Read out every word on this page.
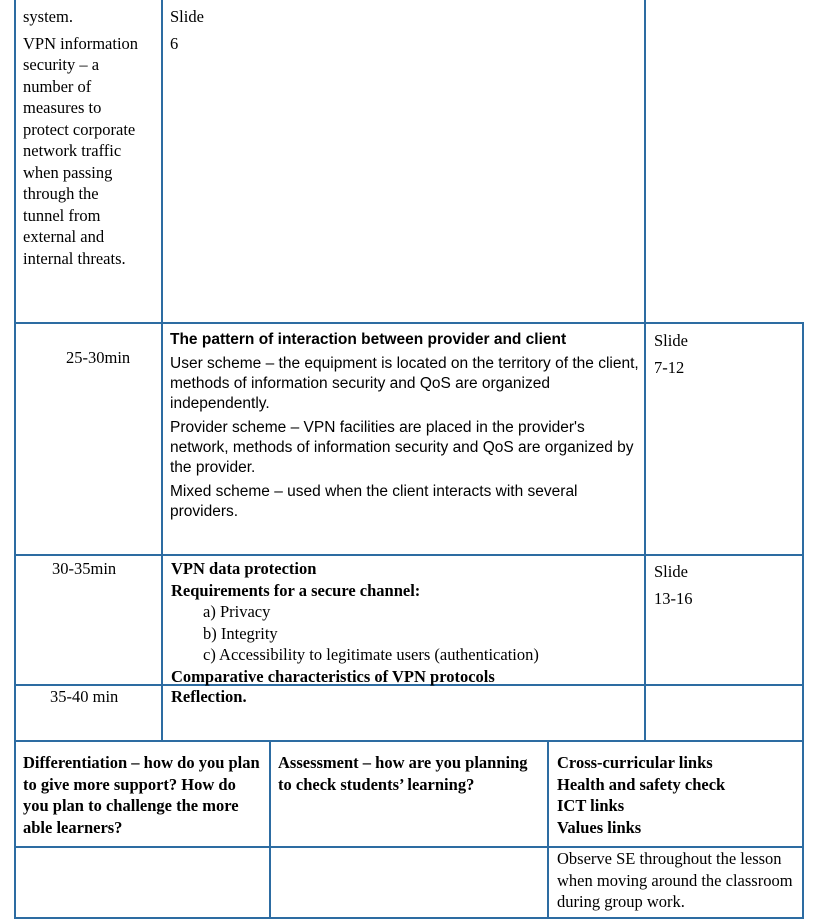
system.
VPN information
security – a
number of
measures to
protect corporate
network traffic
when passing
through the
tunnel from
external and
internal threats.
Slide
6
25-30min
The pattern of interaction between provider and client
User scheme – the equipment is located on the territory of the client, methods of information security and QoS are organized independently.
Provider scheme – VPN facilities are placed in the provider's network, methods of information security and QoS are organized by the provider.
Mixed scheme – used when the client interacts with several providers.
Slide
7-12
30-35min	VPN data protection
Requirements for a secure channel:
a) Privacy
b) Integrity
c) Accessibility to legitimate users (authentication)
Comparative characteristics of VPN protocols
Slide
13-16
35-40 min	Reflection.
Differentiation – how do you plan to give more support? How do you plan to challenge the more able learners?
Assessment – how are you planning to check students’ learning?
Cross-curricular links
Health and safety check
ICT links
Values links
Observe SE throughout the lesson when moving around the classroom during group work.
